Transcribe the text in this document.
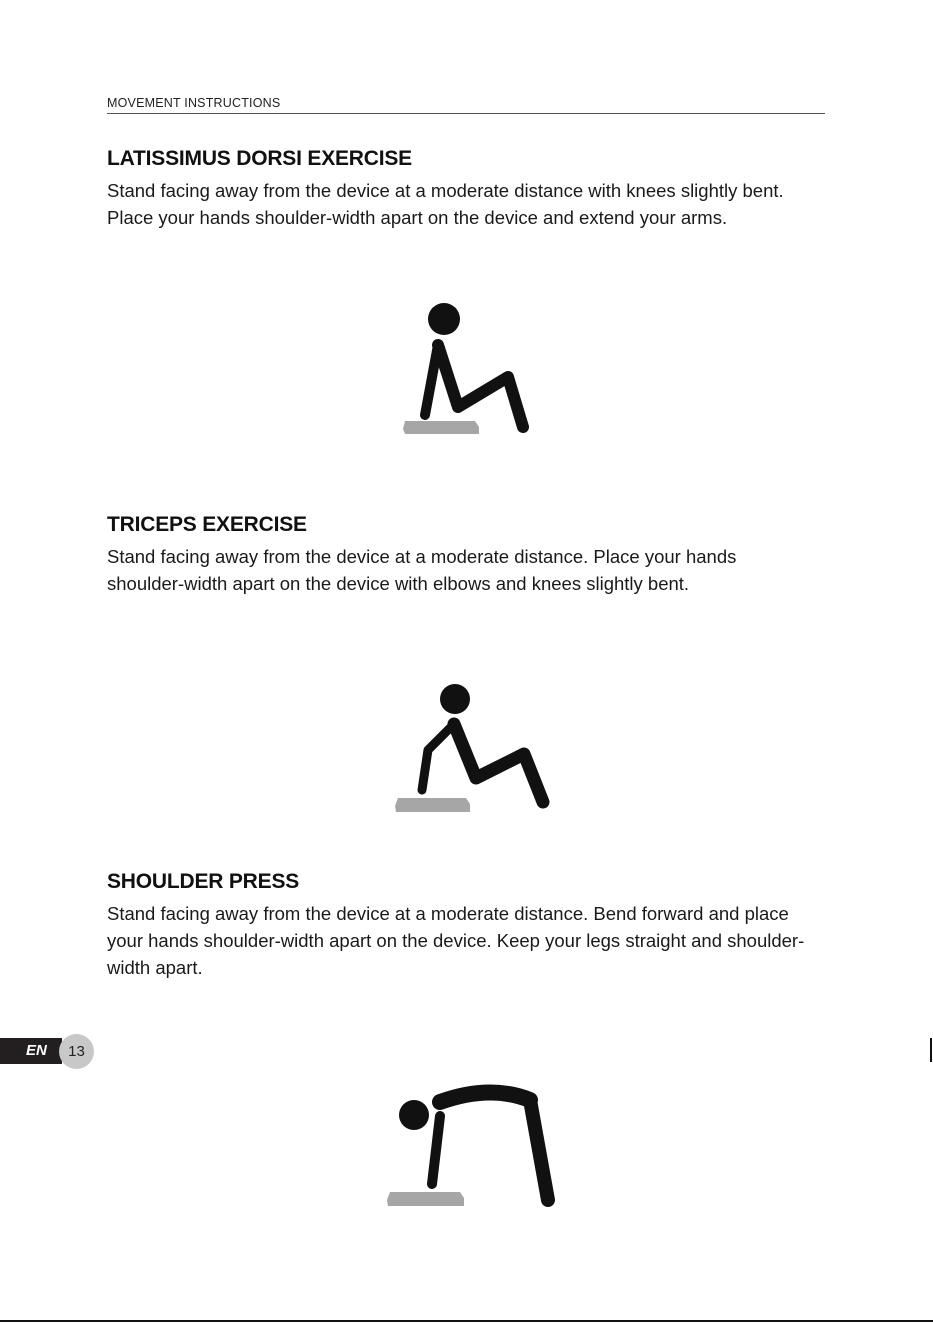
MOVEMENT INSTRUCTIONS
LATISSIMUS DORSI EXERCISE

Stand facing away from the device at a moderate distance with knees slightly bent. Place your hands shoulder-width apart on the device and extend your arms.

TRICEPS EXERCISE

Stand facing away from the device at a moderate distance. Place your hands shoulder-width apart on the device with elbows and knees slightly bent.

SHOULDER PRESS

Stand facing away from the device at a moderate distance. Bend forward and place your hands shoulder-width apart on the device. Keep your legs straight and shoulder-width apart.

EN	13
